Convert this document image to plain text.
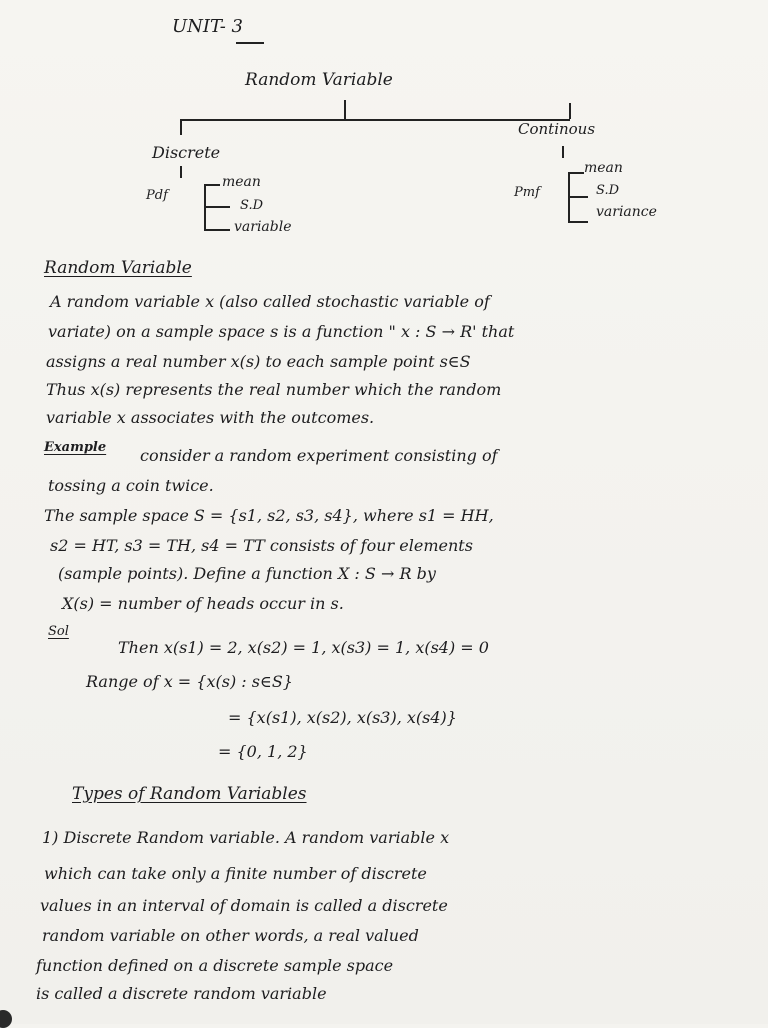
UNIT- 3
Random Variable
Discrete
Pdf
mean
S.D
variable
Continous
Pmf
mean
S.D
variance
Random Variable
A random variable x (also called stochastic variable of
variate) on a sample space s is a function " x : S → R' that
assigns a real number x(s) to each sample point s∈S
Thus x(s) represents the real number which the random
variable x associates with the outcomes.
Example consider a random experiment consisting of
tossing a coin twice.
The sample space S = {s1, s2, s3, s4}, where s1 = HH,
s2 = HT, s3 = TH, s4 = TT consists of four elements
(sample points). Define a function X : S → R by
X(s) = number of heads occur in s.
Sol
Then x(s1) = 2, x(s2) = 1, x(s3) = 1, x(s4) = 0
Range of x = {x(s) : s∈S}
= {x(s1), x(s2), x(s3), x(s4)}
= {0, 1, 2}
Types of Random Variables
1) Discrete Random variable. A random variable x
which can take only a finite number of discrete
values in an interval of domain is called a discrete
random variable on other words, a real valued
function defined on a discrete sample space
is called a discrete random variable
